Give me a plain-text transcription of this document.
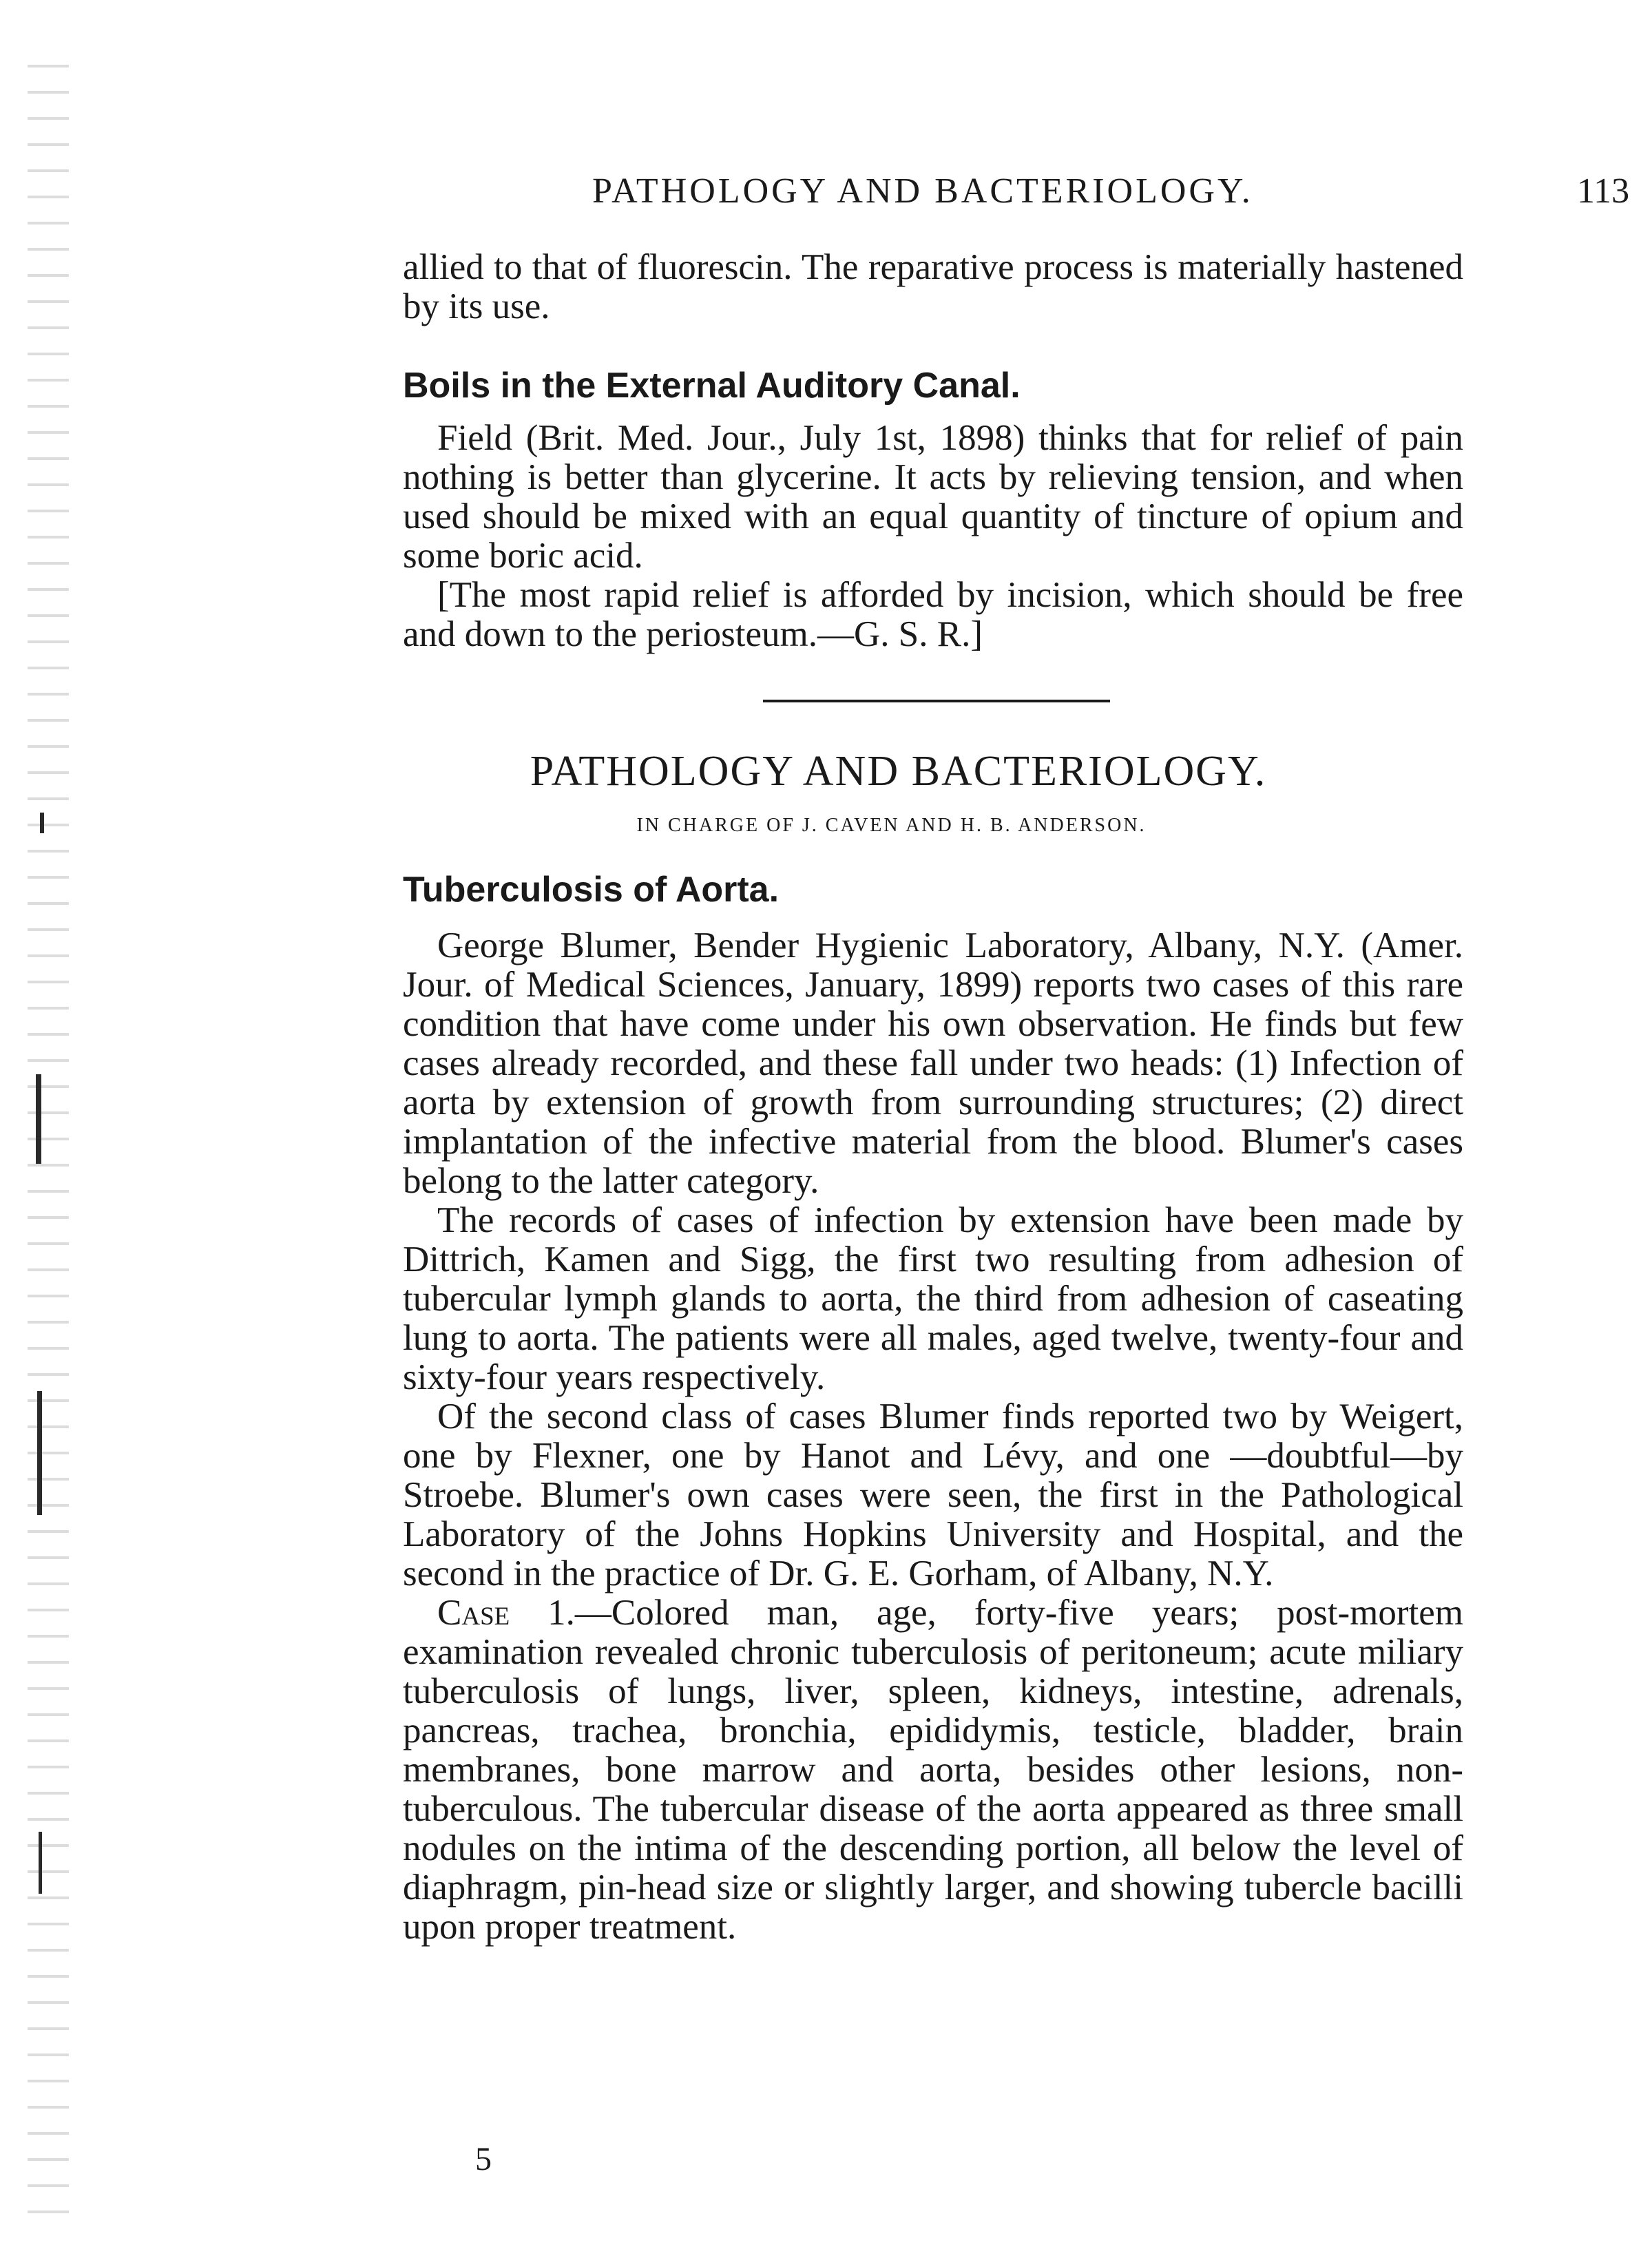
PATHOLOGY AND BACTERIOLOGY.	113

allied to that of fluorescin. The reparative process is materially hastened by its use.

Boils in the External Auditory Canal.

Field (Brit. Med. Jour., July 1st, 1898) thinks that for relief of pain nothing is better than glycerine. It acts by relieving tension, and when used should be mixed with an equal quantity of tincture of opium and some boric acid.

[The most rapid relief is afforded by incision, which should be free and down to the periosteum.—G. S. R.]

PATHOLOGY AND BACTERIOLOGY.
IN CHARGE OF J. CAVEN AND H. B. ANDERSON.
Tuberculosis of Aorta.

George Blumer, Bender Hygienic Laboratory, Albany, N.Y. (Amer. Jour. of Medical Sciences, January, 1899) reports two cases of this rare condition that have come under his own observation. He finds but few cases already recorded, and these fall under two heads: (1) Infection of aorta by extension of growth from surrounding structures; (2) direct implantation of the infective material from the blood. Blumer's cases belong to the latter category.

The records of cases of infection by extension have been made by Dittrich, Kamen and Sigg, the first two resulting from adhesion of tubercular lymph glands to aorta, the third from adhesion of caseating lung to aorta. The patients were all males, aged twelve, twenty-four and sixty-four years respectively.

Of the second class of cases Blumer finds reported two by Weigert, one by Flexner, one by Hanot and Lévy, and one —doubtful—by Stroebe. Blumer's own cases were seen, the first in the Pathological Laboratory of the Johns Hopkins University and Hospital, and the second in the practice of Dr. G. E. Gorham, of Albany, N.Y.

Case 1.—Colored man, age, forty-five years; post-mortem examination revealed chronic tuberculosis of peritoneum; acute miliary tuberculosis of lungs, liver, spleen, kidneys, intestine, adrenals, pancreas, trachea, bronchia, epididymis, testicle, bladder, brain membranes, bone marrow and aorta, besides other lesions, non-tuberculous. The tubercular disease of the aorta appeared as three small nodules on the intima of the descending portion, all below the level of diaphragm, pin-head size or slightly larger, and showing tubercle bacilli upon proper treatment.

5
